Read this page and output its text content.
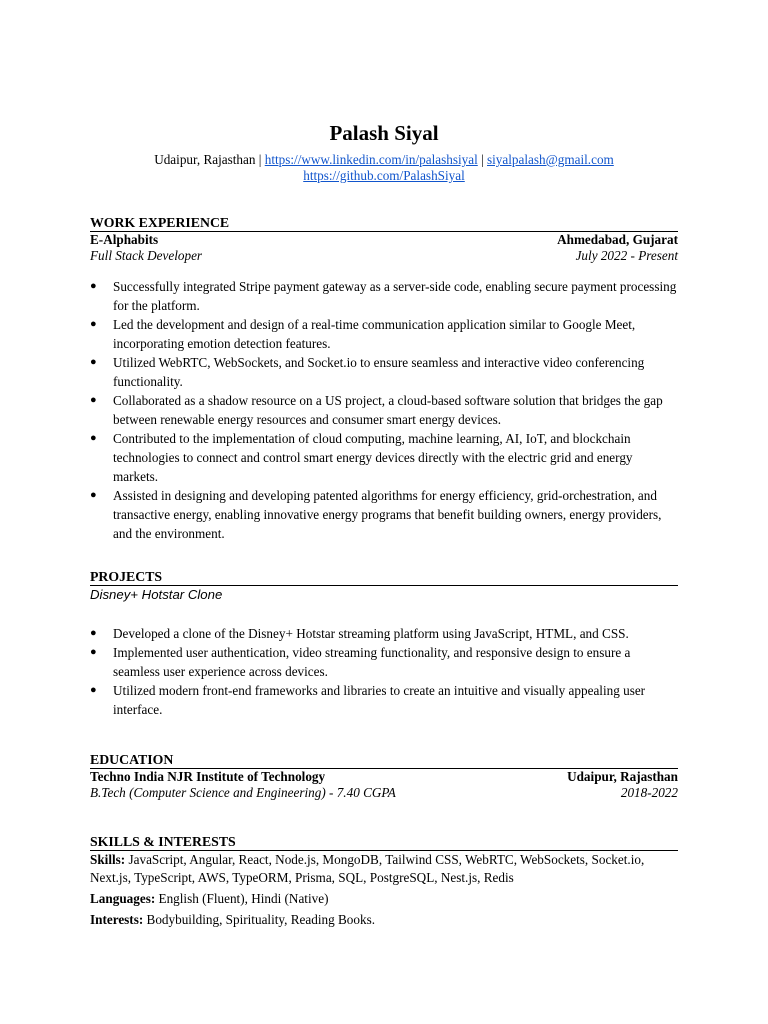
Palash Siyal
Udaipur, Rajasthan | https://www.linkedin.com/in/palashsiyal | siyalpalash@gmail.com
https://github.com/PalashSiyal
WORK EXPERIENCE
E-Alphabits	Ahmedabad, Gujarat
Full Stack Developer	July 2022 - Present
● Successfully integrated Stripe payment gateway as a server-side code, enabling secure payment processing for the platform.
● Led the development and design of a real-time communication application similar to Google Meet, incorporating emotion detection features.
● Utilized WebRTC, WebSockets, and Socket.io to ensure seamless and interactive video conferencing functionality.
● Collaborated as a shadow resource on a US project, a cloud-based software solution that bridges the gap between renewable energy resources and consumer smart energy devices.
● Contributed to the implementation of cloud computing, machine learning, AI, IoT, and blockchain technologies to connect and control smart energy devices directly with the electric grid and energy markets.
● Assisted in designing and developing patented algorithms for energy efficiency, grid-orchestration, and transactive energy, enabling innovative energy programs that benefit building owners, energy providers, and the environment.
PROJECTS
Disney+ Hotstar Clone
● Developed a clone of the Disney+ Hotstar streaming platform using JavaScript, HTML, and CSS.
● Implemented user authentication, video streaming functionality, and responsive design to ensure a seamless user experience across devices.
● Utilized modern front-end frameworks and libraries to create an intuitive and visually appealing user interface.
EDUCATION
Techno India NJR Institute of Technology	Udaipur, Rajasthan
B.Tech (Computer Science and Engineering) - 7.40 CGPA	2018-2022
SKILLS & INTERESTS
Skills: JavaScript, Angular, React, Node.js, MongoDB, Tailwind CSS, WebRTC, WebSockets, Socket.io, Next.js, TypeScript, AWS, TypeORM, Prisma, SQL, PostgreSQL, Nest.js, Redis
Languages: English (Fluent), Hindi (Native)
Interests: Bodybuilding, Spirituality, Reading Books.
